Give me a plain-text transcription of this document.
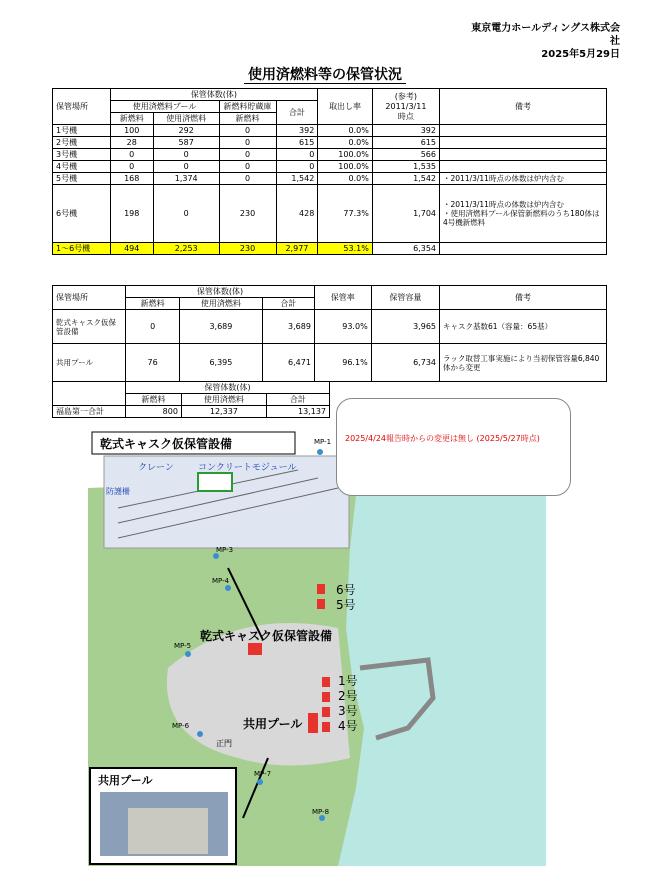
東京電力ホールディングス株式会社
2025年5月29日
使用済燃料等の保管状況
保管場所	保管体数(体)				取出し率	(参考)
2011/3/11
時点	備考
	使用済燃料プール		新燃料貯蔵庫	合計			
	新燃料	使用済燃料	新燃料				
1号機	100	292	0	392	0.0%	392	
2号機	28	587	0	615	0.0%	615	
3号機	0	0	0	0	100.0%	566	
4号機	0	0	0	0	100.0%	1,535	
5号機	168	1,374	0	1,542	0.0%	1,542	・2011/3/11時点の体数は炉内含む
6号機	198	0	230	428	77.3%	1,704	・2011/3/11時点の体数は炉内含む
・使用済燃料プール保管新燃料のうち180体は4号機新燃料
1～6号機	494	2,253	230	2,977	53.1%	6,354	
保管場所	保管体数(体)			保管率	保管容量	備考
	新燃料	使用済燃料	合計			
乾式キャスク仮保管設備	0	3,689	3,689	93.0%	3,965	キャスク基数61（容量：65基）
共用プール	76	6,395	6,471	96.1%	6,734	ラック取替工事実施により当初保管容量6,840体から変更
	保管体数(体)		
	新燃料	使用済燃料	合計
福島第一合計	800	12,337	13,137
乾式キャスク仮保管設備
クレーン	コンクリートモジュール
防護柵
6号
5号
1号
2号
3号
4号
乾式キャスク仮保管設備
共用プール
正門
MP-1
MP-3
MP-4
MP-5
MP-6
MP-7
MP-8
共用プール
2025/4/24報告時からの変更は無し (2025/5/27時点)
